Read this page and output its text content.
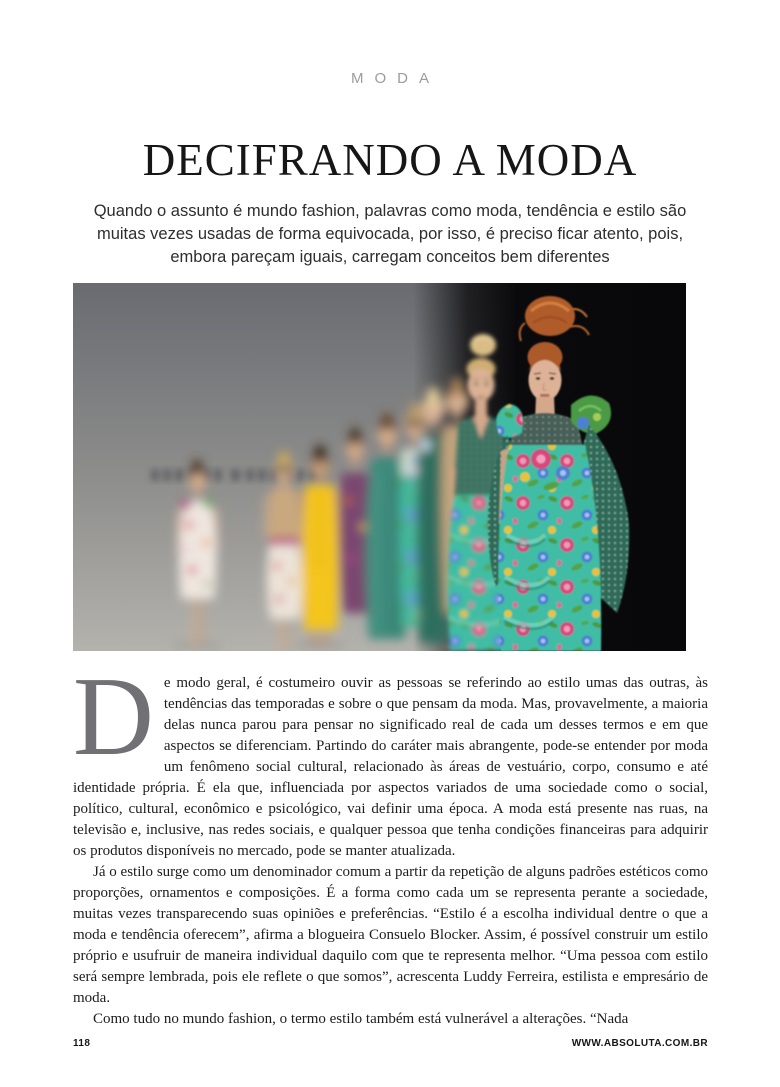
MODA
DECIFRANDO A MODA
Quando o assunto é mundo fashion, palavras como moda, tendência e estilo são
muitas vezes usadas de forma equivocada, por isso, é preciso ficar atento, pois,
embora pareçam iguais, carregam conceitos bem diferentes

De modo geral, é costumeiro ouvir as pessoas se referindo ao estilo umas das outras, às tendências das temporadas e sobre o que pensam da moda. Mas, provavelmente, a maioria delas nunca parou para pensar no significado real de cada um desses termos e em que aspectos se diferenciam. Partindo do caráter mais abrangente, pode-se entender por moda um fenômeno social cultural, relacionado às áreas de vestuário, corpo, consumo e até identidade própria. É ela que, influenciada por aspectos variados de uma sociedade como o social, político, cultural, econômico e psicológico, vai definir uma época. A moda está presente nas ruas, na televisão e, inclusive, nas redes sociais, e qualquer pessoa que tenha condições financeiras para adquirir os produtos disponíveis no mercado, pode se manter atualizada.

Já o estilo surge como um denominador comum a partir da repetição de alguns padrões estéticos como proporções, ornamentos e composições. É a forma como cada um se representa perante a sociedade, muitas vezes transparecendo suas opiniões e preferências. “Estilo é a escolha individual dentre o que a moda e tendência oferecem”, afirma a blogueira Consuelo Blocker. Assim, é possível construir um estilo próprio e usufruir de maneira individual daquilo com que te representa melhor. “Uma pessoa com estilo será sempre lembrada, pois ele reflete o que somos”, acrescenta Luddy Ferreira, estilista e empresário de moda.

Como tudo no mundo fashion, o termo estilo também está vulnerável a alterações. “Nada

118	WWW.ABSOLUTA.COM.BR
